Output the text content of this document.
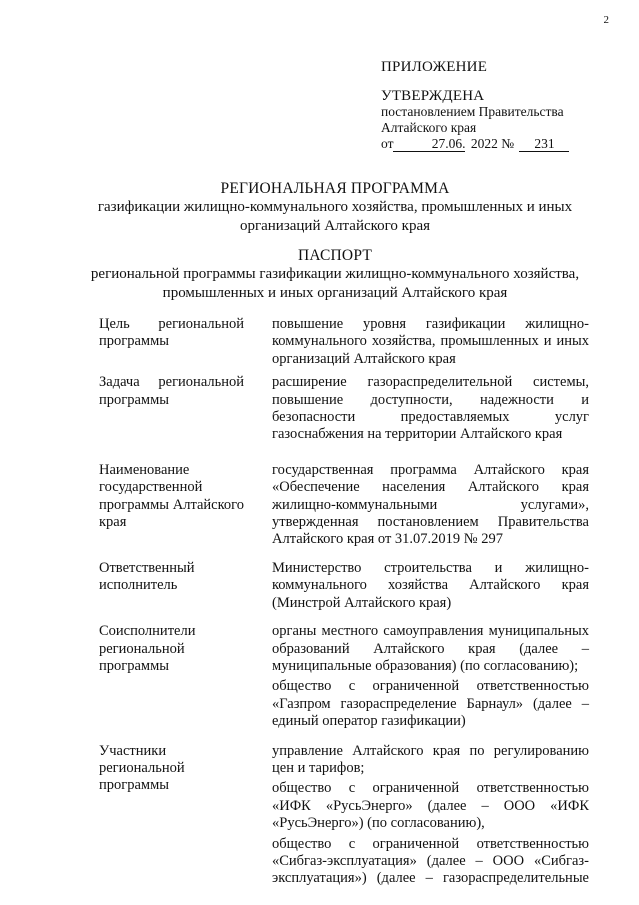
2
ПРИЛОЖЕНИЕ
УТВЕРЖДЕНА
постановлением Правительства
Алтайского края
от	27.06. 2022 № 231
РЕГИОНАЛЬНАЯ ПРОГРАММА
газификации жилищно-коммунального хозяйства, промышленных и иных
организаций Алтайского края
ПАСПОРТ
региональной программы газификации жилищно-коммунального хозяйства,
промышленных и иных организаций Алтайского края
Цель региональной программы

повышение уровня газификации жилищно-коммунального хозяйства, промышленных и иных организаций Алтайского края

Задача региональной программы

расширение газораспределительной системы, повышение доступности, надежности и безопасности предоставляемых услуг газоснабжения на территории Алтайского края

Наименование государственной программы Алтайского края

государственная программа Алтайского края «Обеспечение населения Алтайского края жилищно-коммунальными услугами», утвержденная постановлением Правительства Алтайского края от 31.07.2019 № 297

Ответственный исполнитель

Министерство строительства и жилищно-коммунального хозяйства Алтайского края (Минстрой Алтайского края)

Соисполнители региональной программы

органы местного самоуправления муниципальных образований Алтайского края (далее – муниципальные образования) (по согласованию);

общество с ограниченной ответственностью «Газпром газораспределение Барнаул» (далее – единый оператор газификации)

Участники региональной программы

управление Алтайского края по регулированию цен и тарифов;

общество с ограниченной ответственностью «ИФК «РусьЭнерго» (далее – ООО «ИФК «РусьЭнерго») (по согласованию),

общество с ограниченной ответственностью «Сибгаз-эксплуатация» (далее – ООО «Сибгаз-эксплуатация») (далее – газораспределительные
